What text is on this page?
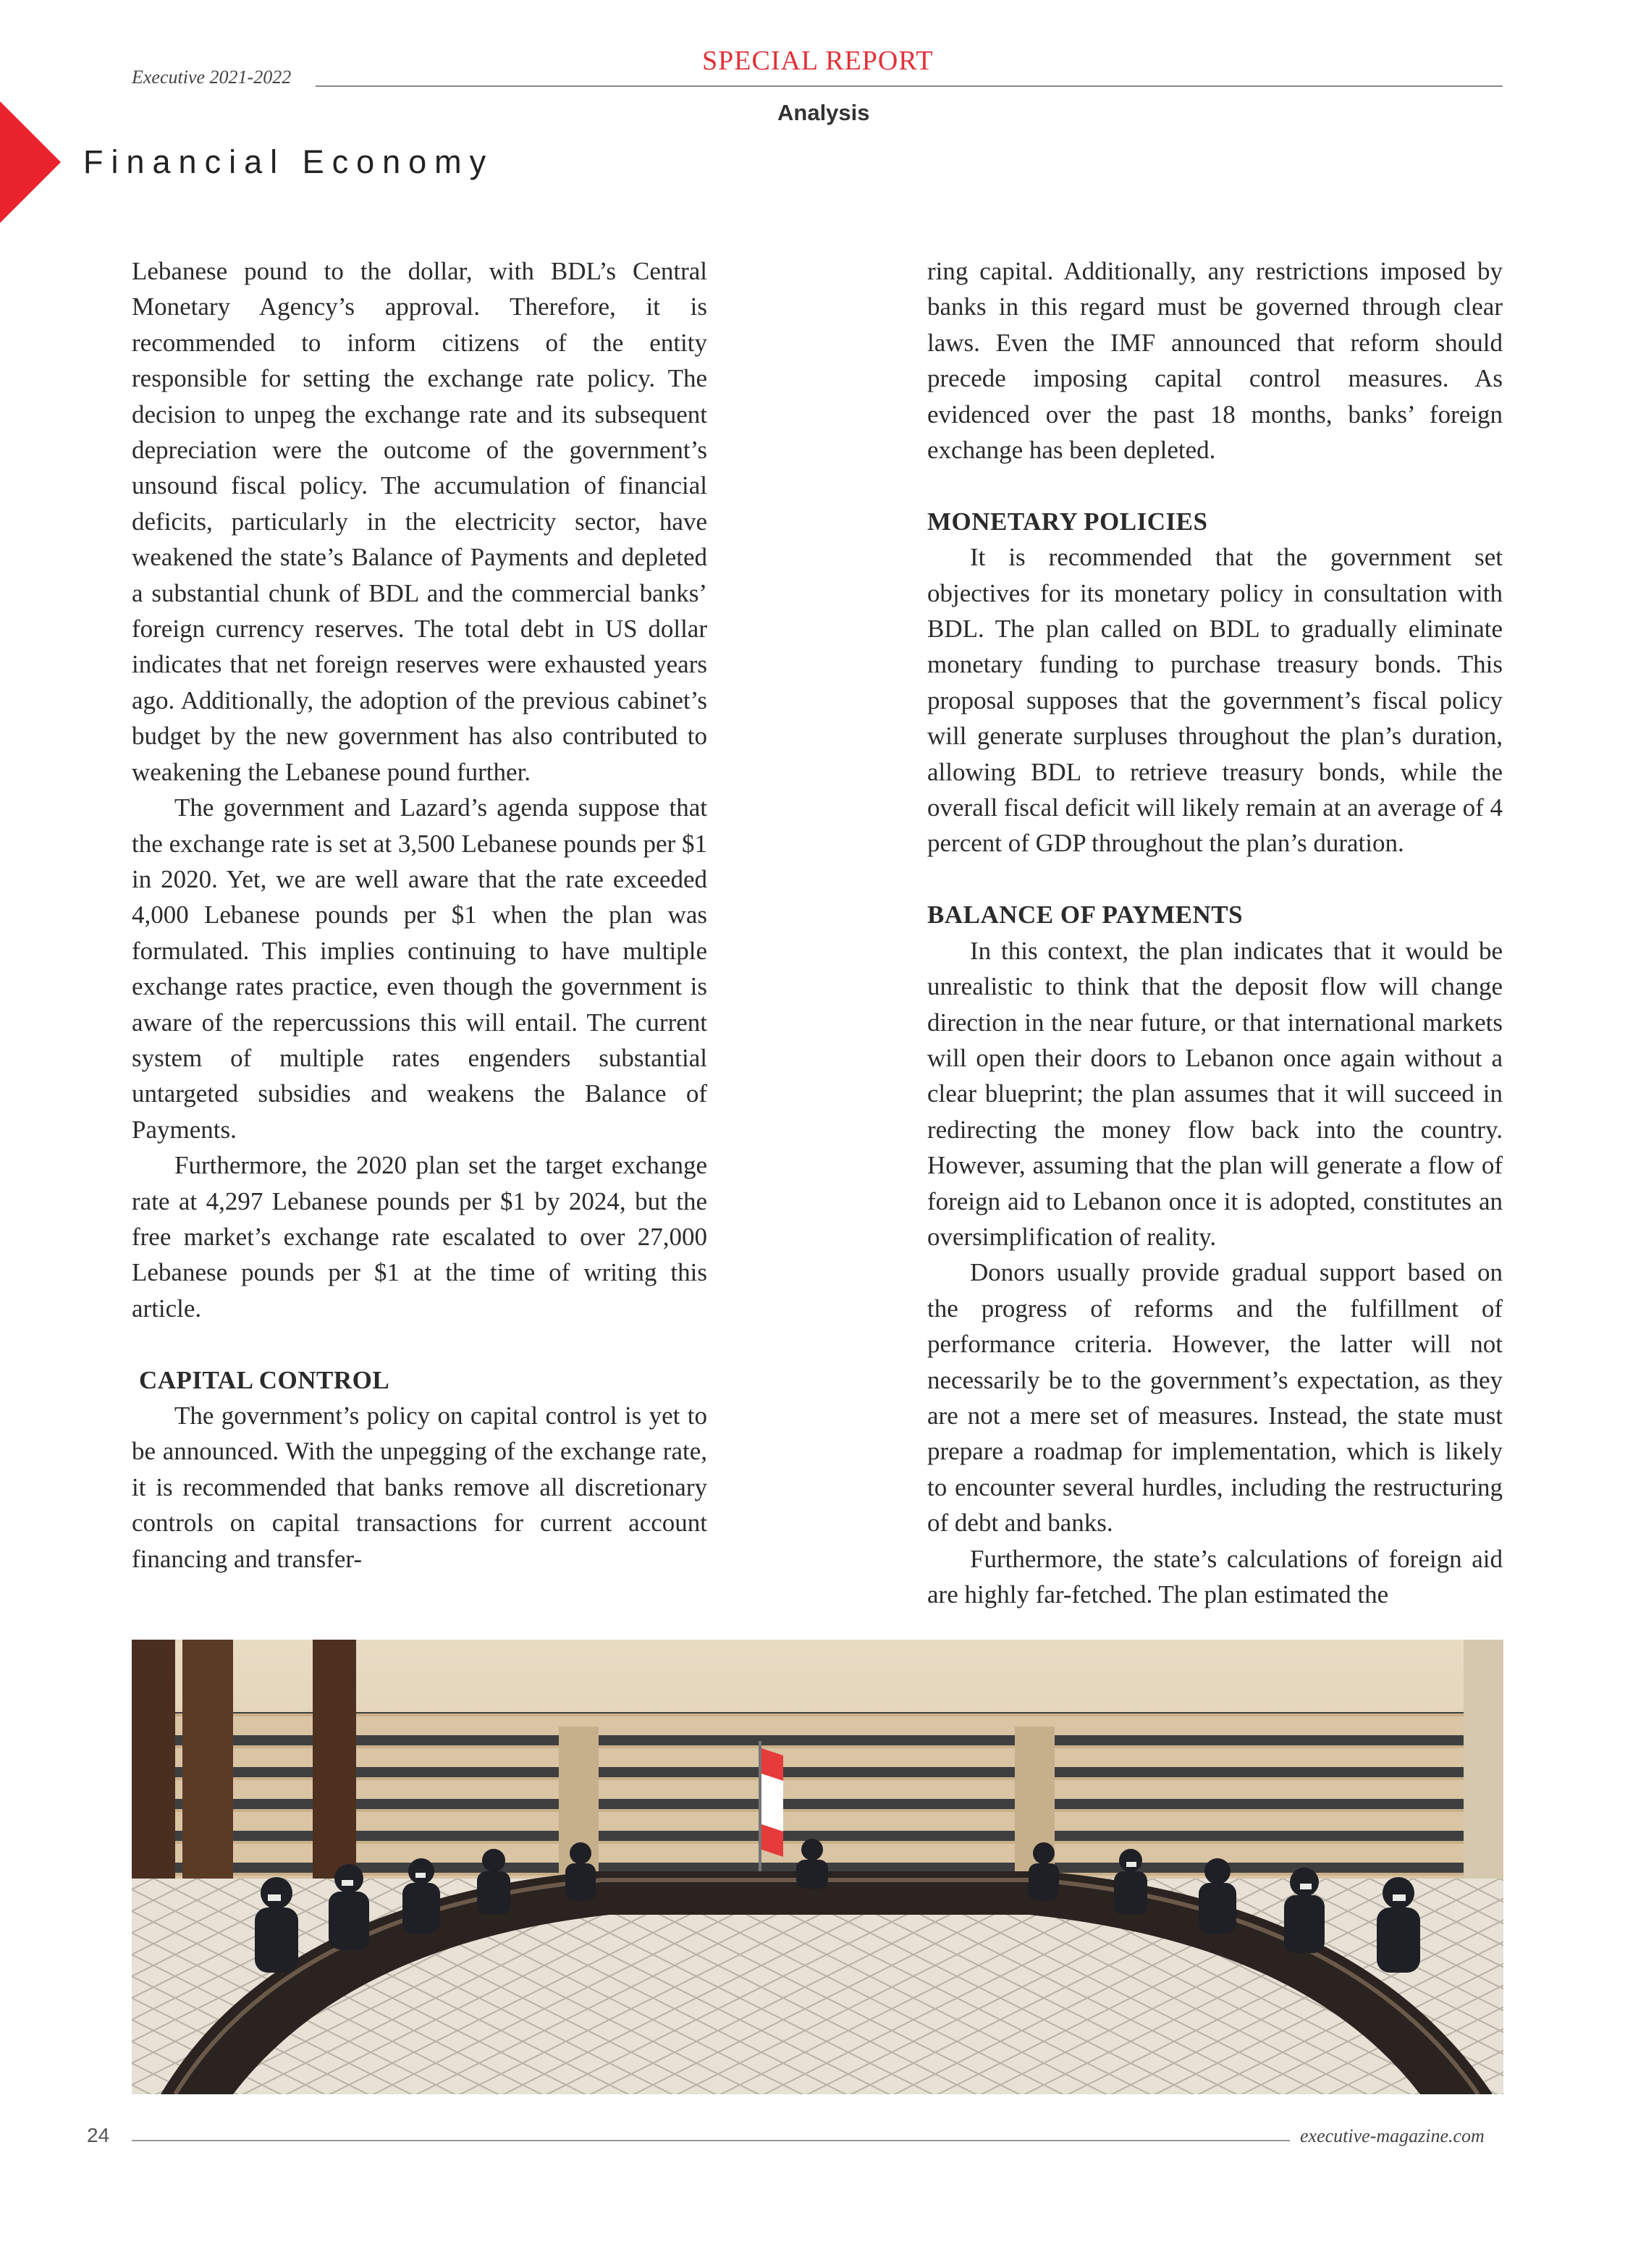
Executive 2021-2022
SPECIAL REPORT
Analysis
Financial Economy

Lebanese pound to the dollar, with BDL’s Central Monetary Agency’s approval. Therefore, it is recommended to inform citizens of the entity responsible for setting the exchange rate policy. The decision to unpeg the exchange rate and its subsequent depreciation were the outcome of the government’s unsound fiscal policy. The accumulation of financial deficits, particularly in the electricity sector, have weakened the state’s Balance of Payments and depleted a substantial chunk of BDL and the commercial banks’ foreign currency reserves. The total debt in US dollar indicates that net foreign reserves were exhausted years ago. Additionally, the adoption of the previous cabinet’s budget by the new government has also contributed to weakening the Lebanese pound further.

The government and Lazard’s agenda suppose that the exchange rate is set at 3,500 Lebanese pounds per $1 in 2020. Yet, we are well aware that the rate exceeded 4,000 Lebanese pounds per $1 when the plan was formulated. This implies continuing to have multiple exchange rates practice, even though the government is aware of the repercussions this will entail. The current system of multiple rates engenders substantial untargeted subsidies and weakens the Balance of Payments.

Furthermore, the 2020 plan set the target exchange rate at 4,297 Lebanese pounds per $1 by 2024, but the free market’s exchange rate escalated to over 27,000 Lebanese pounds per $1 at the time of writing this article.

CAPITAL CONTROL

The government’s policy on capital control is yet to be announced. With the unpegging of the exchange rate, it is recommended that banks remove all discretionary controls on capital transactions for current account financing and transfer-

ring capital. Additionally, any restrictions imposed by banks in this regard must be governed through clear laws. Even the IMF announced that reform should precede imposing capital control measures. As evidenced over the past 18 months, banks’ foreign exchange has been depleted.

MONETARY POLICIES

It is recommended that the government set objectives for its monetary policy in consultation with BDL. The plan called on BDL to gradually eliminate monetary funding to purchase treasury bonds. This proposal supposes that the government’s fiscal policy will generate surpluses throughout the plan’s duration, allowing BDL to retrieve treasury bonds, while the overall fiscal deficit will likely remain at an average of 4 percent of GDP throughout the plan’s duration.

BALANCE OF PAYMENTS

In this context, the plan indicates that it would be unrealistic to think that the deposit flow will change direction in the near future, or that international markets will open their doors to Lebanon once again without a clear blueprint; the plan assumes that it will succeed in redirecting the money flow back into the country. However, assuming that the plan will generate a flow of foreign aid to Lebanon once it is adopted, constitutes an oversimplification of reality.

Donors usually provide gradual support based on the progress of reforms and the fulfillment of performance criteria. However, the latter will not necessarily be to the government’s expectation, as they are not a mere set of measures. Instead, the state must prepare a roadmap for implementation, which is likely to encounter several hurdles, including the restructuring of debt and banks.

Furthermore, the state’s calculations of foreign aid are highly far-fetched. The plan estimated the

24	executive-magazine.com
